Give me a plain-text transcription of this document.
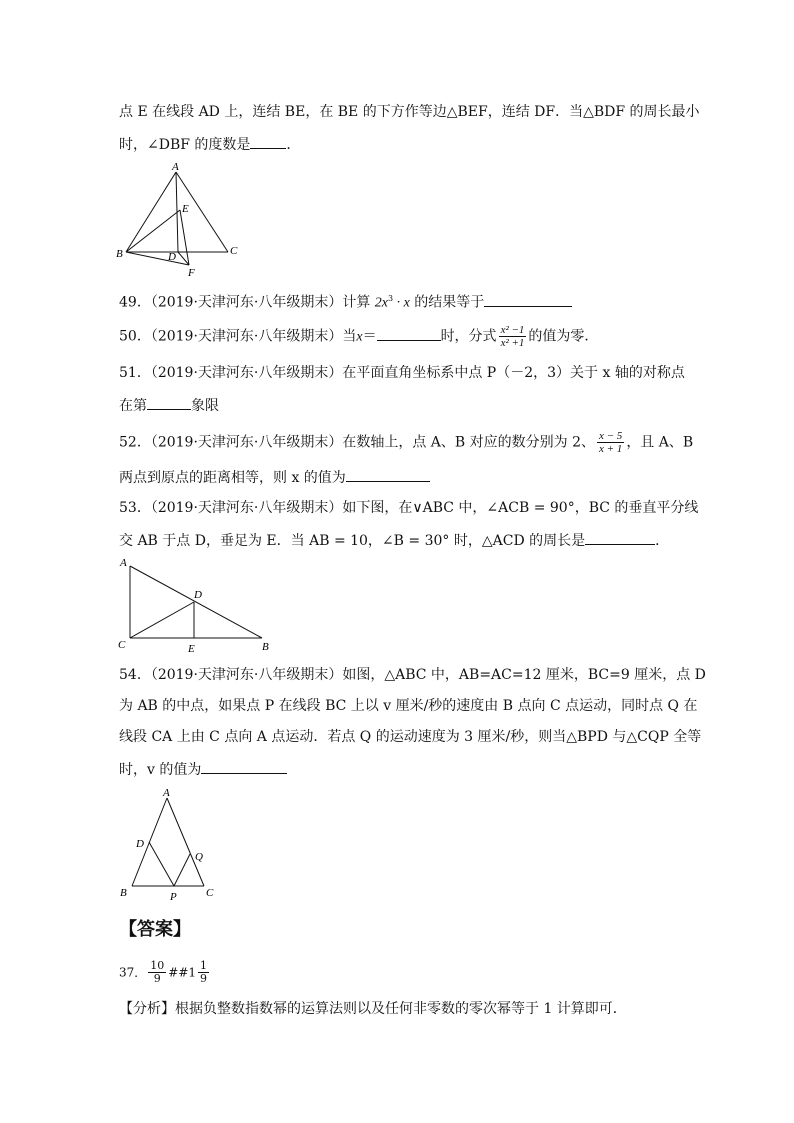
点 E 在线段 AD 上，连结 BE，在 BE 的下方作等边△BEF，连结 DF．当△BDF 的周长最小
时，∠DBF 的度数是	．
A
E
B	D	C
F
49．（2019·天津河东·八年级期末）计算 $2x^3 \cdot x$ 的结果等于
50．（2019·天津河东·八年级期末）当x＝	时，分式 $\frac{\text{x² −1}}{\text{x² +1}}$ 的值为零．
51．（2019·天津河东·八年级期末）在平面直角坐标系中点 P（－2，3）关于 x 轴的对称点
在第	象限
52．（2019·天津河东·八年级期末）在数轴上，点 A、B 对应的数分别为 2、 $\frac{x - 5}{x + 1}$ ，且 A、B
两点到原点的距离相等，则 x 的值为
53．（2019·天津河东·八年级期末）如下图，在∨ABC 中，∠ACB = 90°，BC 的垂直平分线
交 AB 于点 D，垂足为 E．当 AB = 10，∠B = 30° 时，△ACD 的周长是	．
A
D
C	E	B
54．（2019·天津河东·八年级期末）如图，△ABC 中，AB=AC=12 厘米，BC=9 厘米，点 D
为 AB 的中点，如果点 P 在线段 BC 上以 v 厘米/秒的速度由 B 点向 C 点运动，同时点 Q 在
线段 CA 上由 C 点向 A 点运动．若点 Q 的运动速度为 3 厘米/秒，则当△BPD 与△CQP 全等
时，v 的值为
A
D
Q
B	P	C
【答案】
37． $\frac{10}{9}$ ##1 $\frac{1}{9}$
【分析】根据负整数指数幂的运算法则以及任何非零数的零次幂等于 1 计算即可．
